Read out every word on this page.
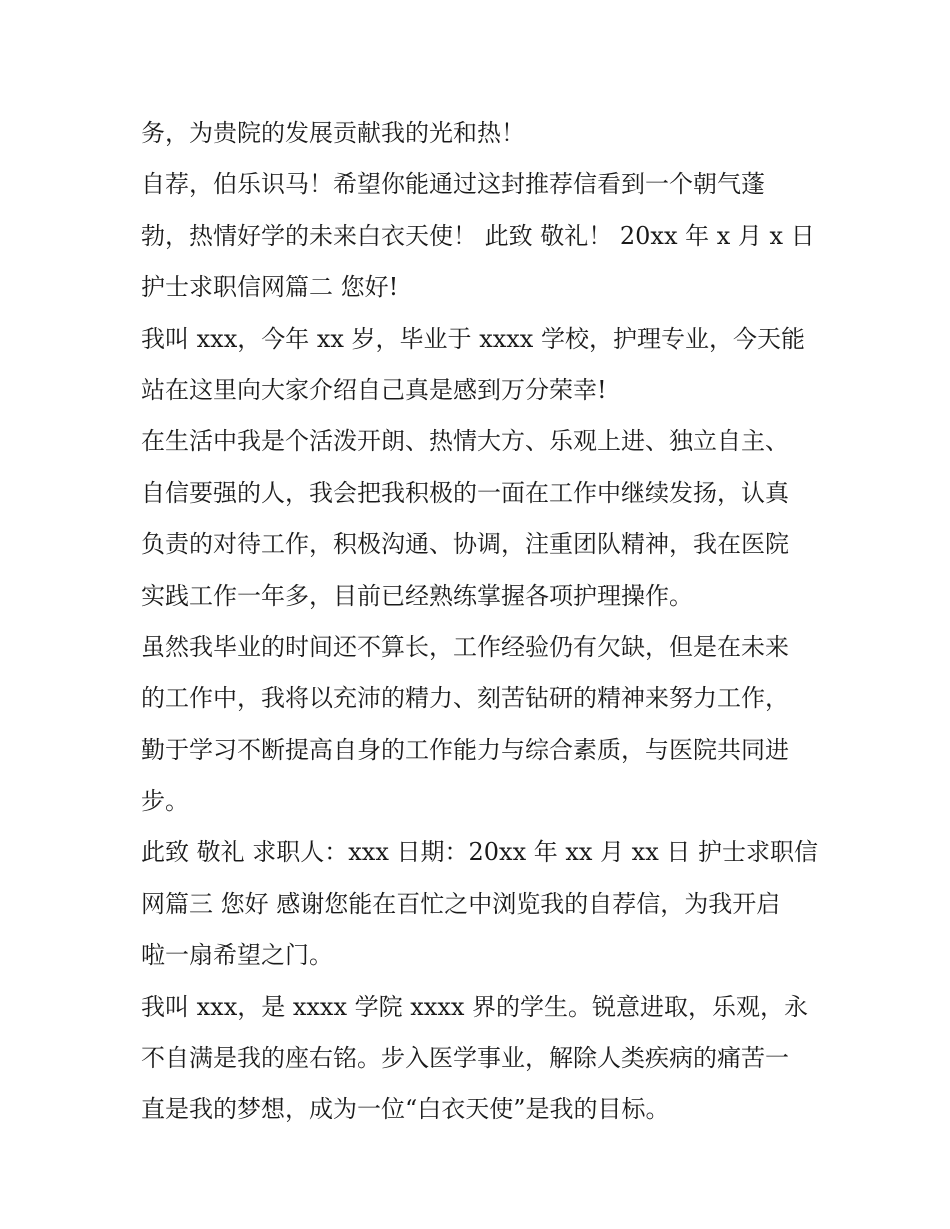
务，为贵院的发展贡献我的光和热！
自荐，伯乐识马！希望你能通过这封推荐信看到一个朝气蓬
勃，热情好学的未来白衣天使！ 此致 敬礼！ 20xx 年 x 月 x 日
护士求职信网篇二 您好!
我叫 xxx，今年 xx 岁，毕业于 xxxx 学校，护理专业，今天能
站在这里向大家介绍自己真是感到万分荣幸!
在生活中我是个活泼开朗、热情大方、乐观上进、独立自主、
自信要强的人，我会把我积极的一面在工作中继续发扬，认真
负责的对待工作，积极沟通、协调，注重团队精神，我在医院
实践工作一年多，目前已经熟练掌握各项护理操作。
虽然我毕业的时间还不算长，工作经验仍有欠缺，但是在未来
的工作中，我将以充沛的精力、刻苦钻研的精神来努力工作，
勤于学习不断提高自身的工作能力与综合素质，与医院共同进
步。
此致 敬礼 求职人：xxx 日期：20xx 年 xx 月 xx 日 护士求职信
网篇三 您好 感谢您能在百忙之中浏览我的自荐信，为我开启
啦一扇希望之门。
我叫 xxx，是 xxxx 学院 xxxx 界的学生。锐意进取，乐观，永
不自满是我的座右铭。步入医学事业，解除人类疾病的痛苦一
直是我的梦想，成为一位“白衣天使”是我的目标。
